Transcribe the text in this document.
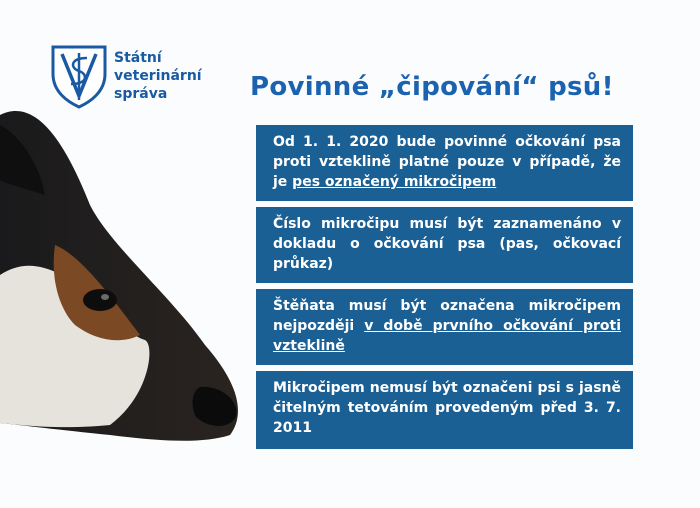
Státní
veterinární
správa	Povinné „čipování“ psů!
Od 1. 1. 2020 bude povinné očkování psa proti vzteklině platné pouze v případě, že je pes označený mikročipem
Číslo mikročipu musí být zaznamenáno v dokladu o očkování psa (pas, očkovací průkaz)
Štěňata musí být označena mikročipem nejpozději v době prvního očkování proti vzteklině
Mikročipem nemusí být označeni psi s jasně čitelným tetováním provedeným před 3. 7. 2011
